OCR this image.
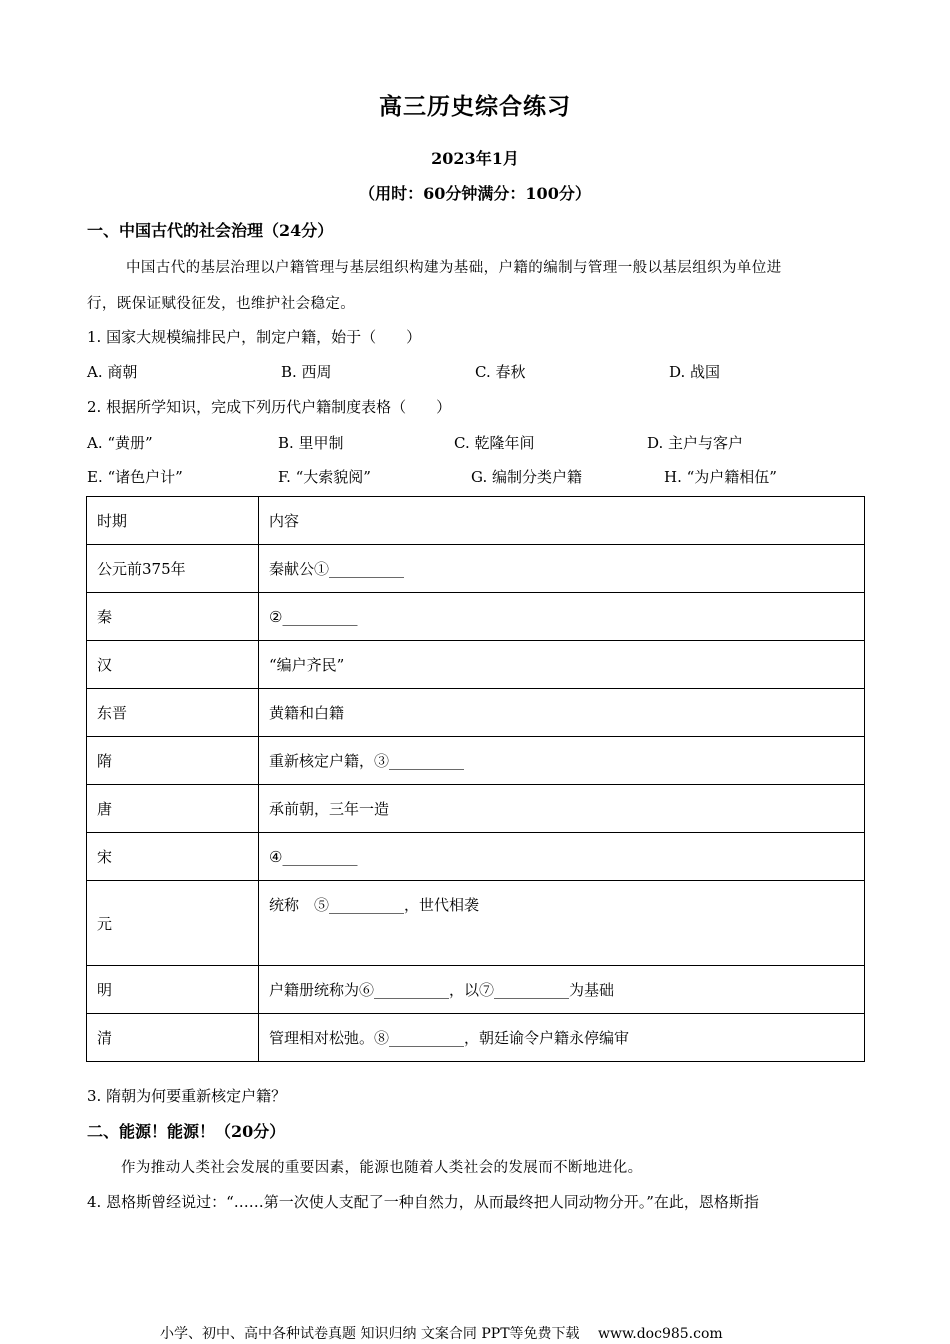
高三历史综合练习
2023年1月
（用时：60分钟满分：100分）
一、中国古代的社会治理（24分）
中国古代的基层治理以户籍管理与基层组织构建为基础，户籍的编制与管理一般以基层组织为单位进
行，既保证赋役征发，也维护社会稳定。
1. 国家大规模编排民户，制定户籍，始于（　　）
A. 商朝	B. 西周	C. 春秋	D. 战国
2. 根据所学知识，完成下列历代户籍制度表格（　　）
A. “黄册”	B. 里甲制	C. 乾隆年间	D. 主户与客户
E. “诸色户计”	F. “大索貌阅”	G. 编制分类户籍	H. “为户籍相伍”
时期	内容
公元前375年	秦献公①__________
秦	②__________
汉	“编户齐民”
东晋	黄籍和白籍
隋	重新核定户籍，③__________
唐	承前朝，三年一造
宋	④__________
元	统称　⑤__________，世代相袭
明	户籍册统称为⑥__________，以⑦__________为基础
清	管理相对松弛。⑧__________，朝廷谕令户籍永停编审
3. 隋朝为何要重新核定户籍？
二、能源！能源！（20分）
作为推动人类社会发展的重要因素，能源也随着人类社会的发展而不断地进化。
4. 恩格斯曾经说过：“……第一次使人支配了一种自然力，从而最终把人同动物分开。”在此，恩格斯指
小学、初中、高中各种试卷真题 知识归纳 文案合同 PPT等免费下载　 www.doc985.com
